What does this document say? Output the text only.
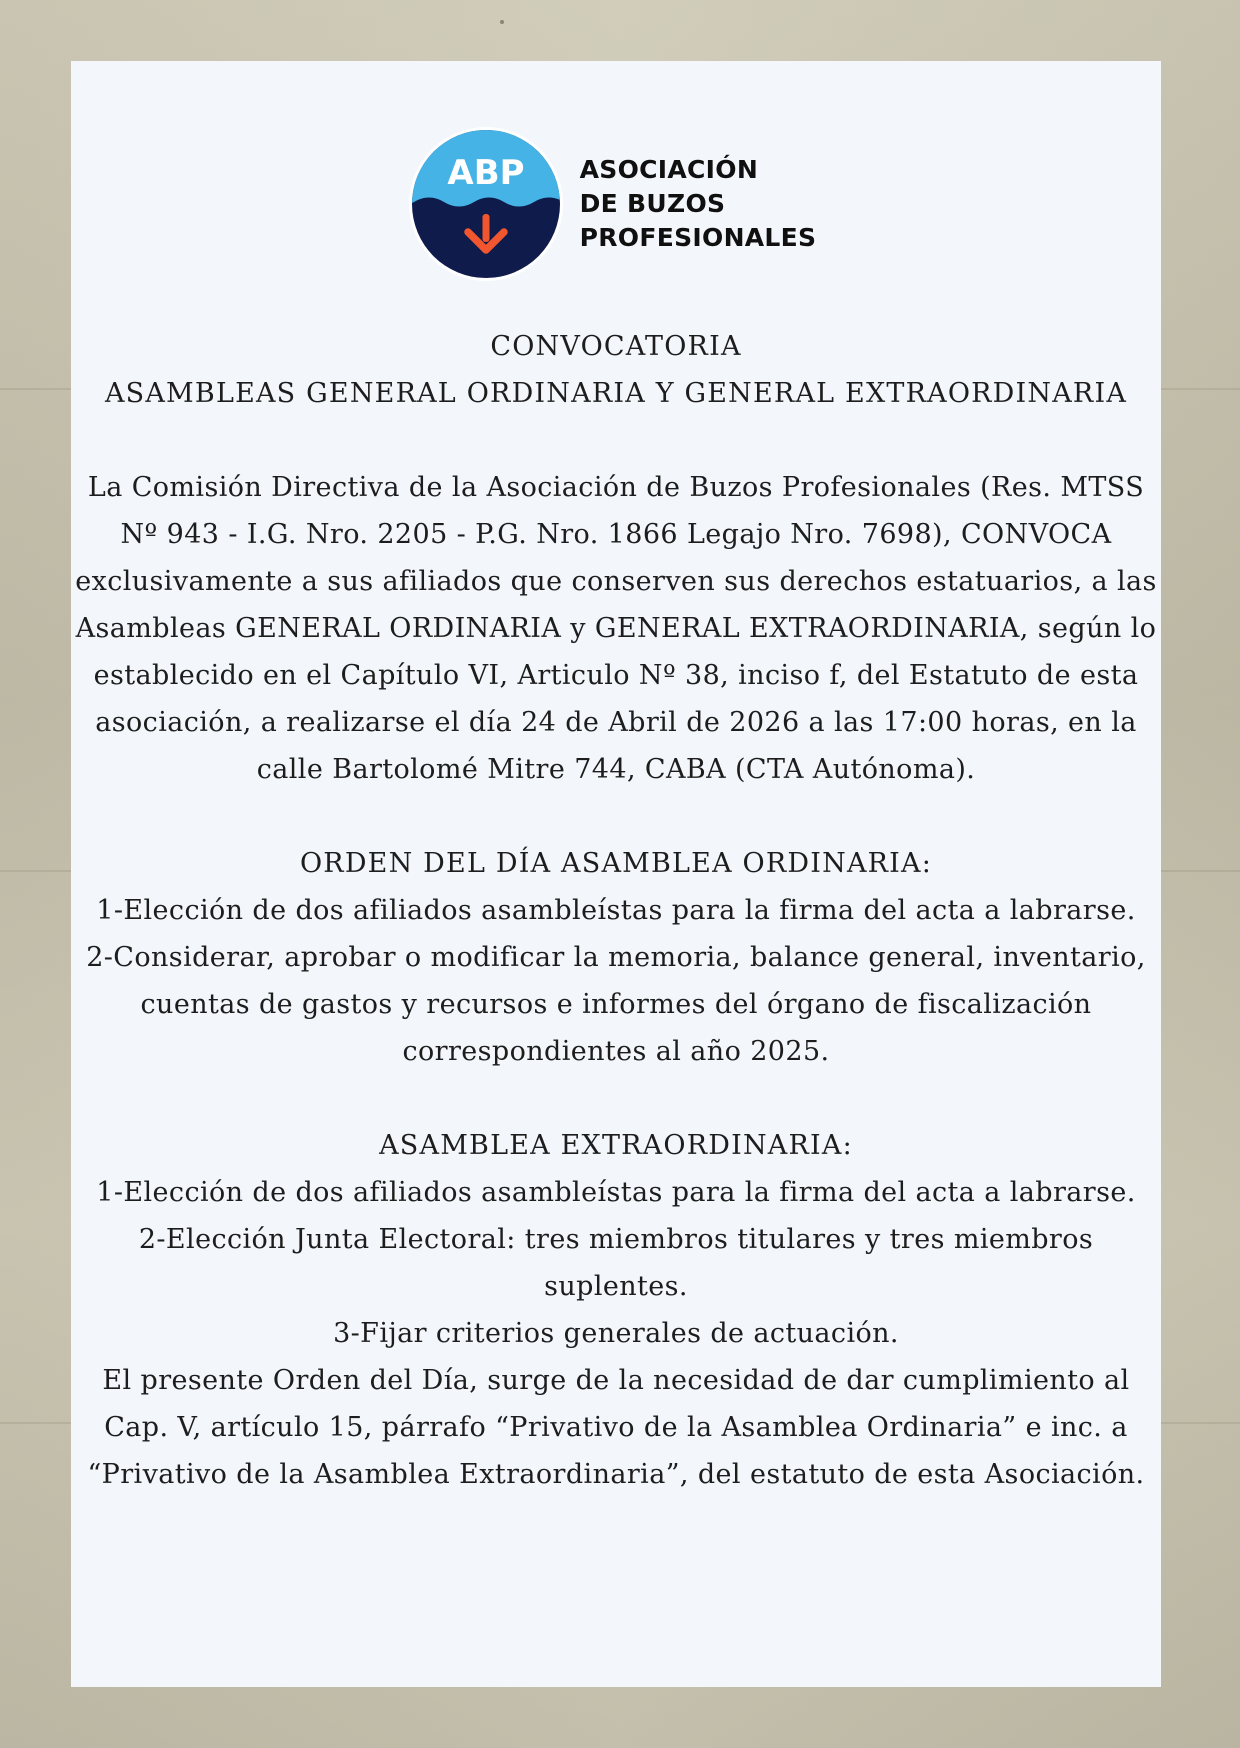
ABP ASOCIACIÓN
DE BUZOS
PROFESIONALES

CONVOCATORIA

ASAMBLEAS GENERAL ORDINARIA Y GENERAL EXTRAORDINARIA

La Comisión Directiva de la Asociación de Buzos Profesionales (Res. MTSS Nº 943 - I.G. Nro. 2205 - P.G. Nro. 1866 Legajo Nro. 7698), CONVOCA exclusivamente a sus afiliados que conserven sus derechos estatuarios, a las Asambleas GENERAL ORDINARIA y GENERAL EXTRAORDINARIA, según lo establecido en el Capítulo VI, Articulo Nº 38, inciso f, del Estatuto de esta asociación, a realizarse el día 24 de Abril de 2026 a las 17:00 horas, en la calle Bartolomé Mitre 744, CABA (CTA Autónoma).

ORDEN DEL DÍA ASAMBLEA ORDINARIA:

1-Elección de dos afiliados asambleístas para la firma del acta a labrarse.

2-Considerar, aprobar o modificar la memoria, balance general, inventario, cuentas de gastos y recursos e informes del órgano de fiscalización correspondientes al año 2025.

ASAMBLEA EXTRAORDINARIA:

1-Elección de dos afiliados asambleístas para la firma del acta a labrarse.

2-Elección Junta Electoral: tres miembros titulares y tres miembros suplentes.

3-Fijar criterios generales de actuación.

El presente Orden del Día, surge de la necesidad de dar cumplimiento al Cap. V, artículo 15, párrafo “Privativo de la Asamblea Ordinaria” e inc. a “Privativo de la Asamblea Extraordinaria”, del estatuto de esta Asociación.
